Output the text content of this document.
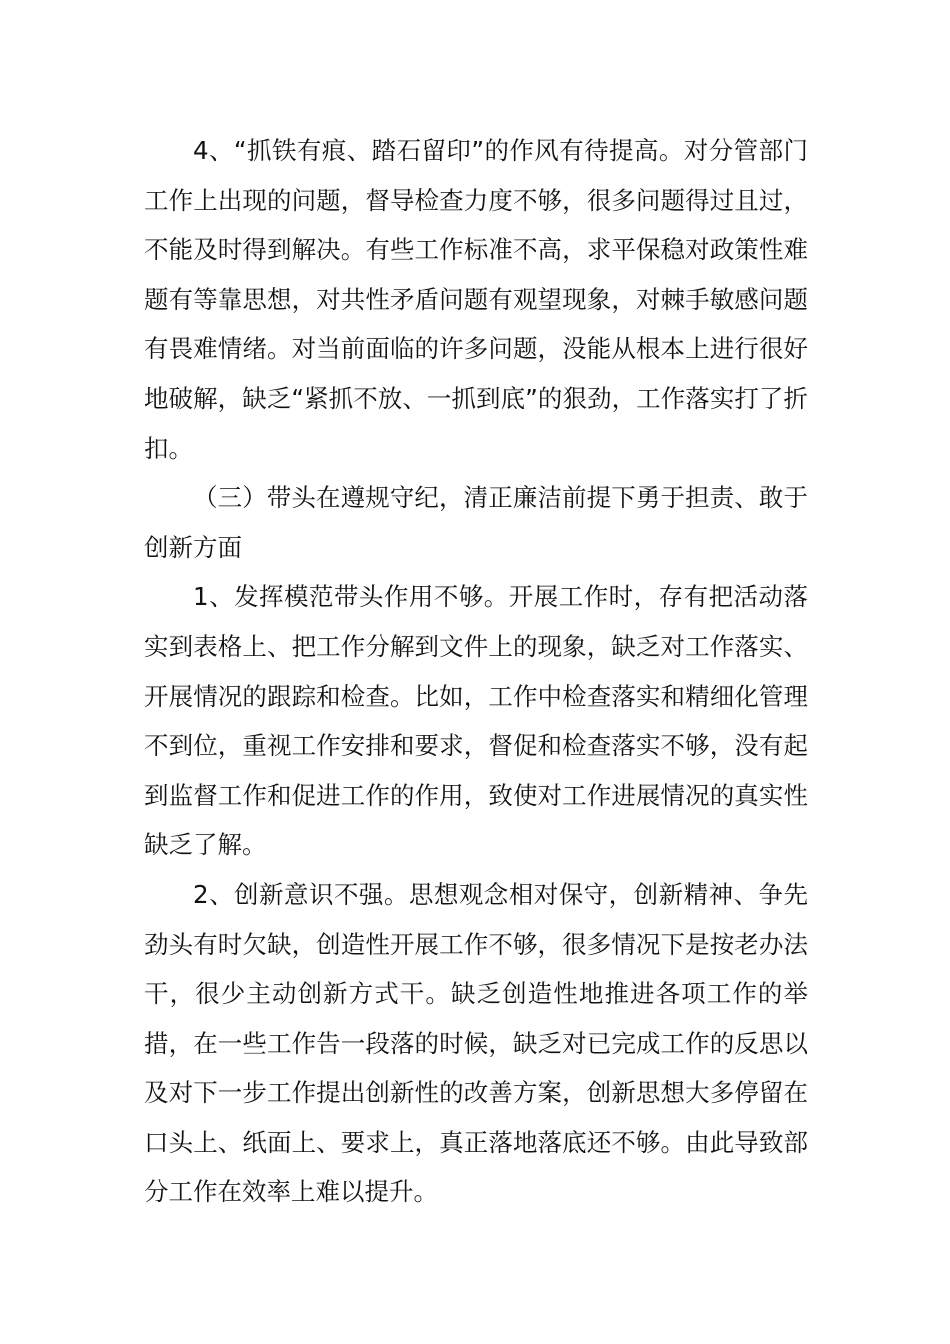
4、“抓铁有痕、踏石留印”的作风有待提高。对分管部门工作上出现的问题，督导检查力度不够，很多问题得过且过，不能及时得到解决。有些工作标准不高，求平保稳对政策性难题有等靠思想，对共性矛盾问题有观望现象，对棘手敏感问题有畏难情绪。对当前面临的许多问题，没能从根本上进行很好地破解，缺乏“紧抓不放、一抓到底”的狠劲，工作落实打了折扣。

（三）带头在遵规守纪，清正廉洁前提下勇于担责、敢于创新方面

1、发挥模范带头作用不够。开展工作时，存有把活动落实到表格上、把工作分解到文件上的现象，缺乏对工作落实、开展情况的跟踪和检查。比如，工作中检查落实和精细化管理不到位，重视工作安排和要求，督促和检查落实不够，没有起到监督工作和促进工作的作用，致使对工作进展情况的真实性缺乏了解。

2、创新意识不强。思想观念相对保守，创新精神、争先劲头有时欠缺，创造性开展工作不够，很多情况下是按老办法干，很少主动创新方式干。缺乏创造性地推进各项工作的举措，在一些工作告一段落的时候，缺乏对已完成工作的反思以及对下一步工作提出创新性的改善方案，创新思想大多停留在口头上、纸面上、要求上，真正落地落底还不够。由此导致部分工作在效率上难以提升。
